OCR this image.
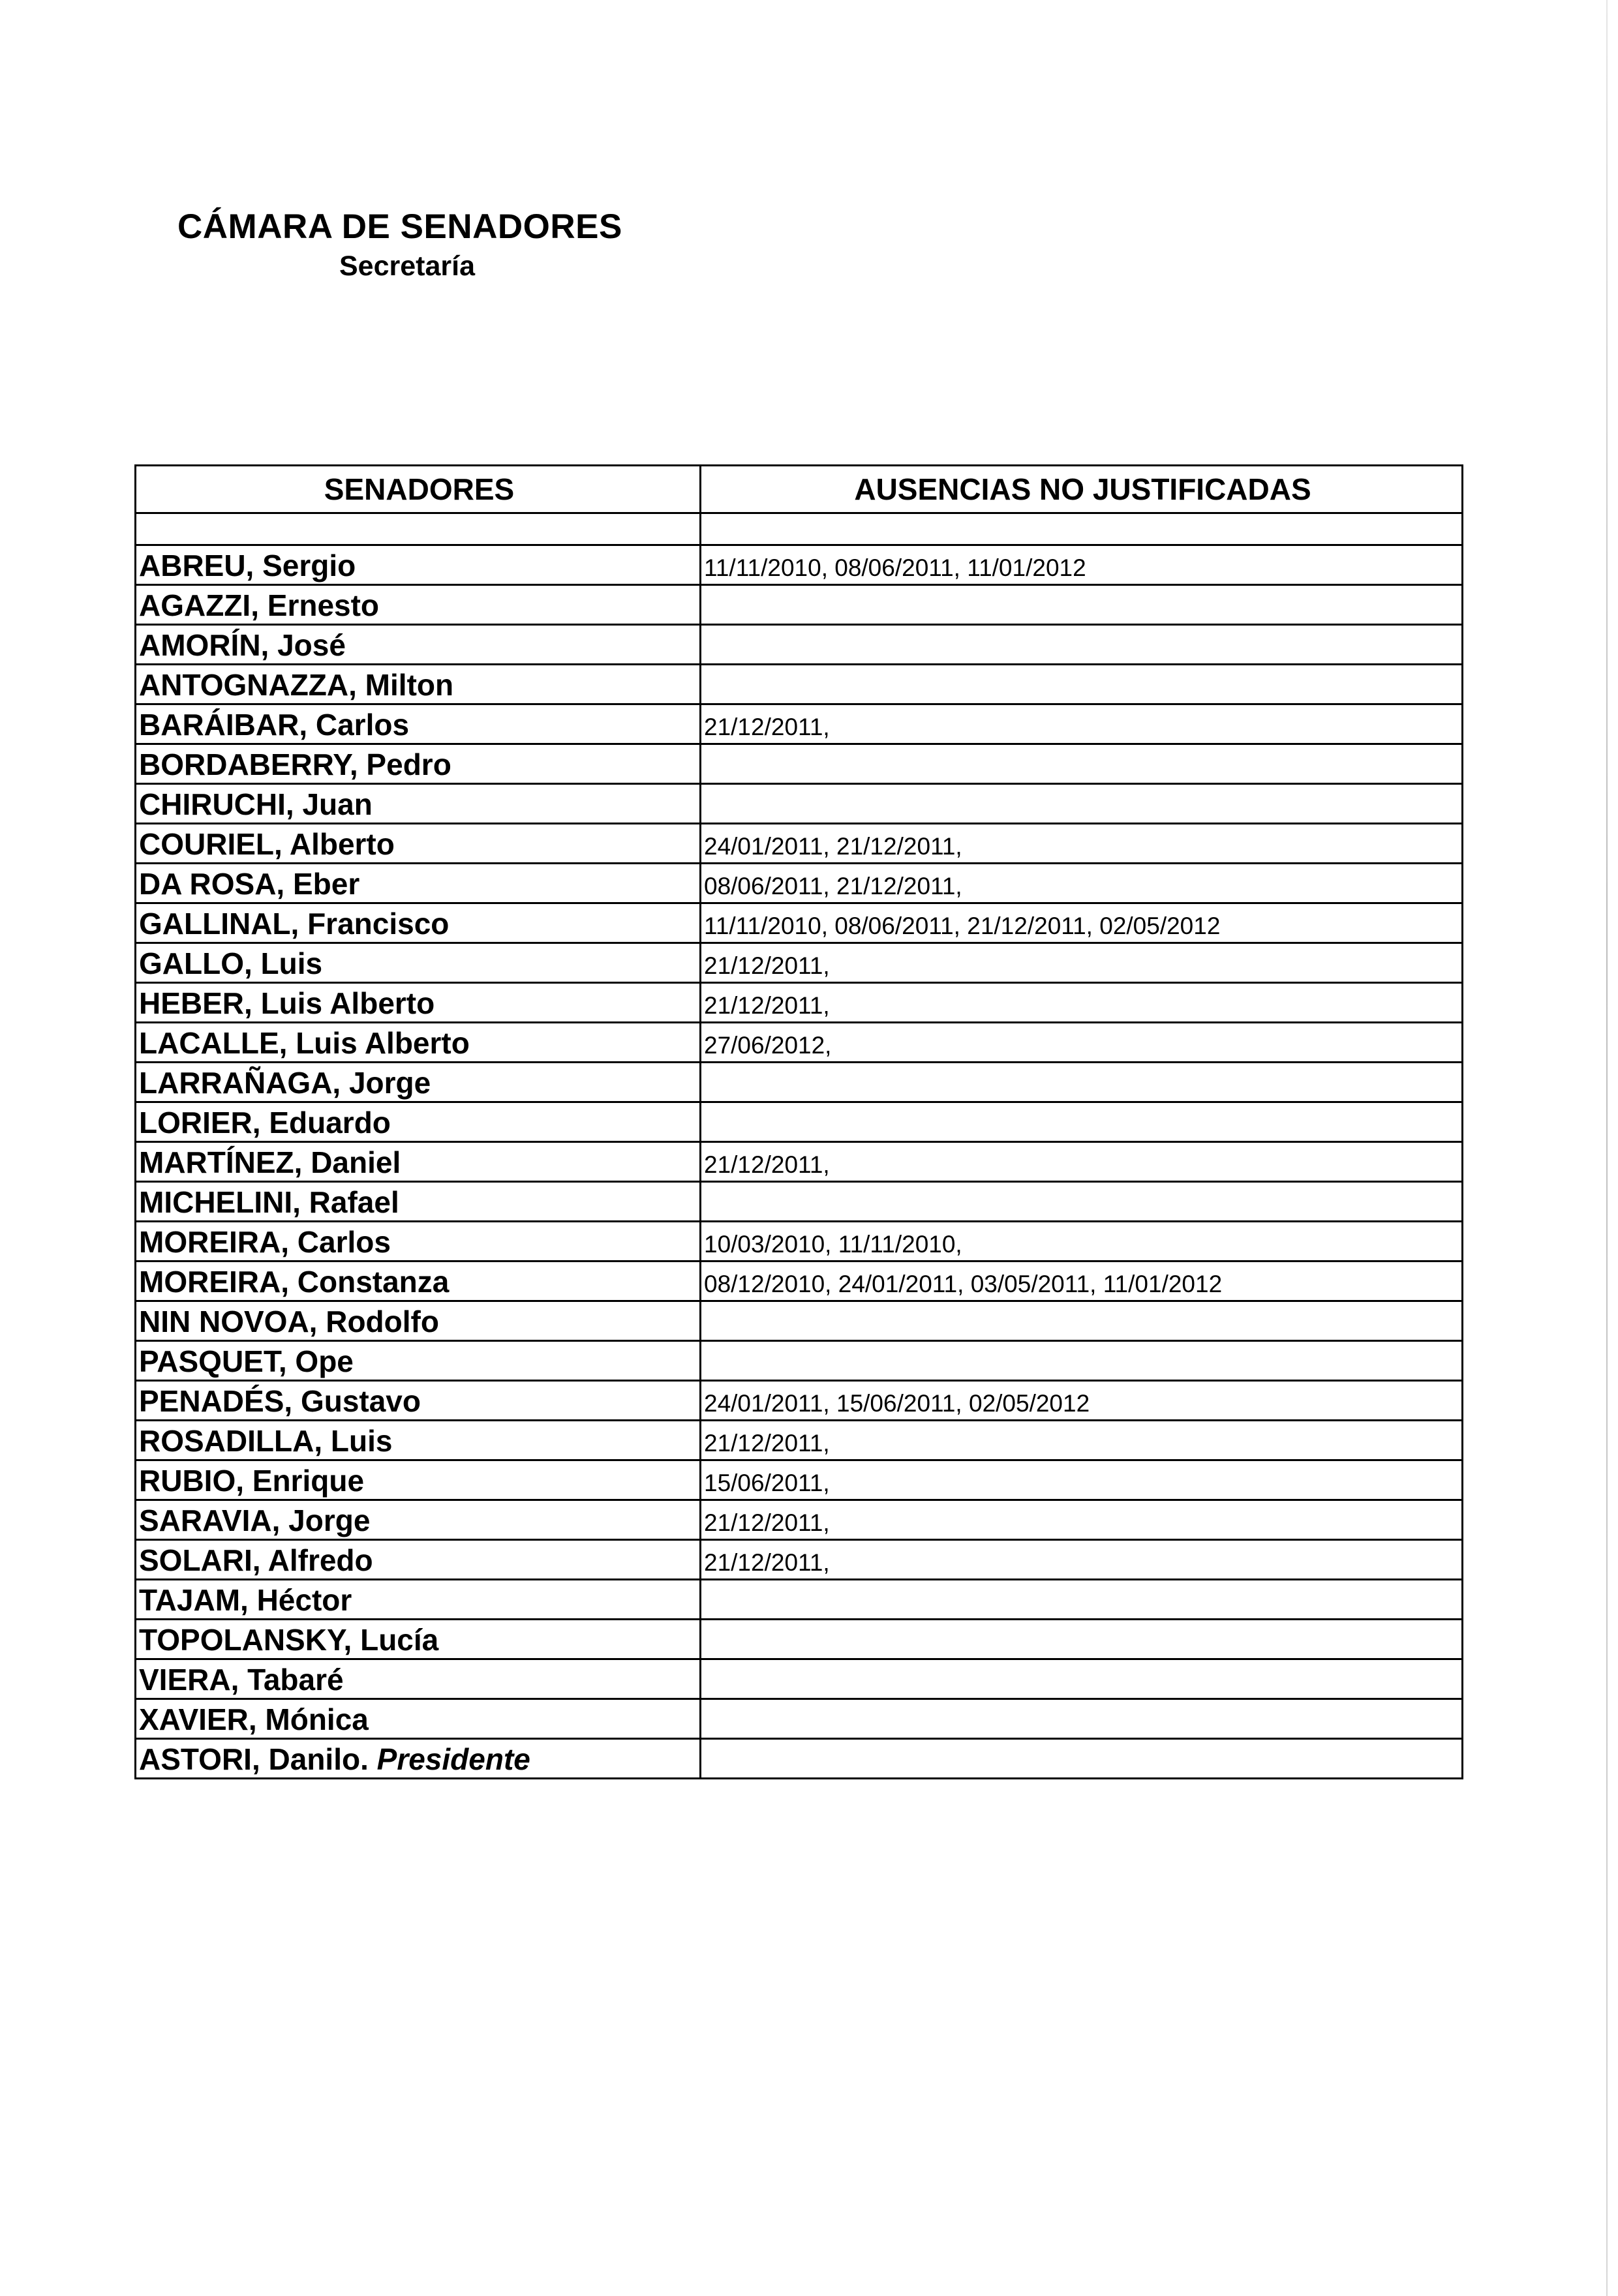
CÁMARA DE SENADORES
Secretaría
SENADORES	AUSENCIAS NO JUSTIFICADAS

ABREU, Sergio	11/11/2010, 08/06/2011, 11/01/2012
AGAZZI, Ernesto	
AMORÍN, José	
ANTOGNAZZA, Milton	
BARÁIBAR, Carlos	21/12/2011,
BORDABERRY, Pedro	
CHIRUCHI, Juan	
COURIEL, Alberto	24/01/2011, 21/12/2011,
DA ROSA, Eber	08/06/2011, 21/12/2011,
GALLINAL, Francisco	11/11/2010, 08/06/2011, 21/12/2011, 02/05/2012
GALLO, Luis	21/12/2011,
HEBER, Luis Alberto	21/12/2011,
LACALLE, Luis Alberto	27/06/2012,
LARRAÑAGA, Jorge	
LORIER, Eduardo	
MARTÍNEZ, Daniel	21/12/2011,
MICHELINI, Rafael	
MOREIRA, Carlos	10/03/2010, 11/11/2010,
MOREIRA, Constanza	08/12/2010, 24/01/2011, 03/05/2011, 11/01/2012
NIN NOVOA, Rodolfo	
PASQUET, Ope	
PENADÉS, Gustavo	24/01/2011, 15/06/2011, 02/05/2012
ROSADILLA, Luis	21/12/2011,
RUBIO, Enrique	15/06/2011,
SARAVIA, Jorge	21/12/2011,
SOLARI, Alfredo	21/12/2011,
TAJAM, Héctor	
TOPOLANSKY, Lucía	
VIERA, Tabaré	
XAVIER, Mónica	
ASTORI, Danilo. Presidente	
